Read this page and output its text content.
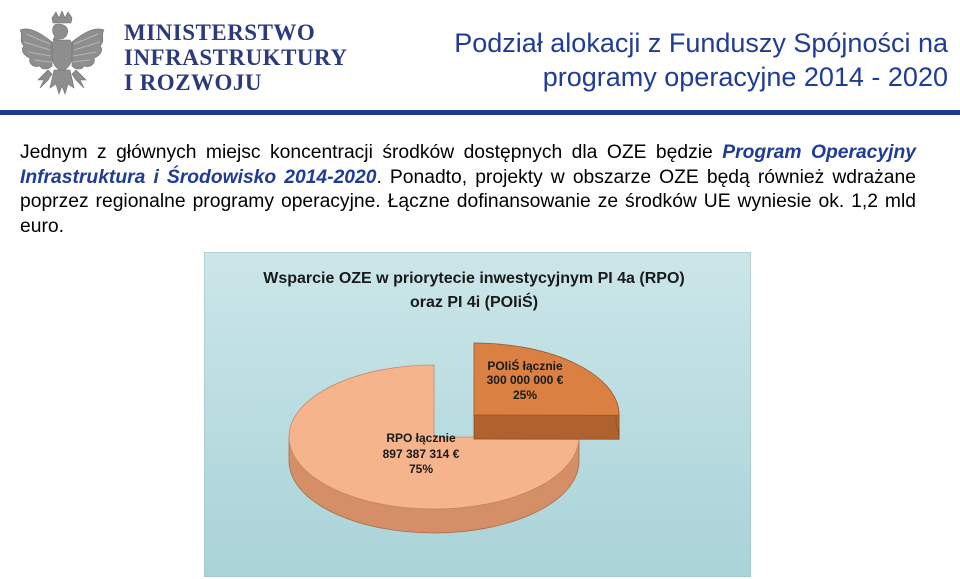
MINISTERSTWO
INFRASTRUKTURY
I ROZWOJU
Podział alokacji z Funduszy Spójności na
programy operacyjne 2014 - 2020
Jednym z głównych miejsc koncentracji środków dostępnych dla OZE będzie Program Operacyjny Infrastruktura i Środowisko 2014-2020. Ponadto, projekty w obszarze OZE będą również wdrażane poprzez regionalne programy operacyjne. Łączne dofinansowanie ze środków UE wyniesie ok. 1,2 mld euro.
Wsparcie OZE w priorytecie inwestycyjnym PI 4a (RPO)
oraz PI 4i (POIiŚ)
POIiŚ łącznie
300 000 000 €
25%
RPO łącznie
897 387 314 €
75%
